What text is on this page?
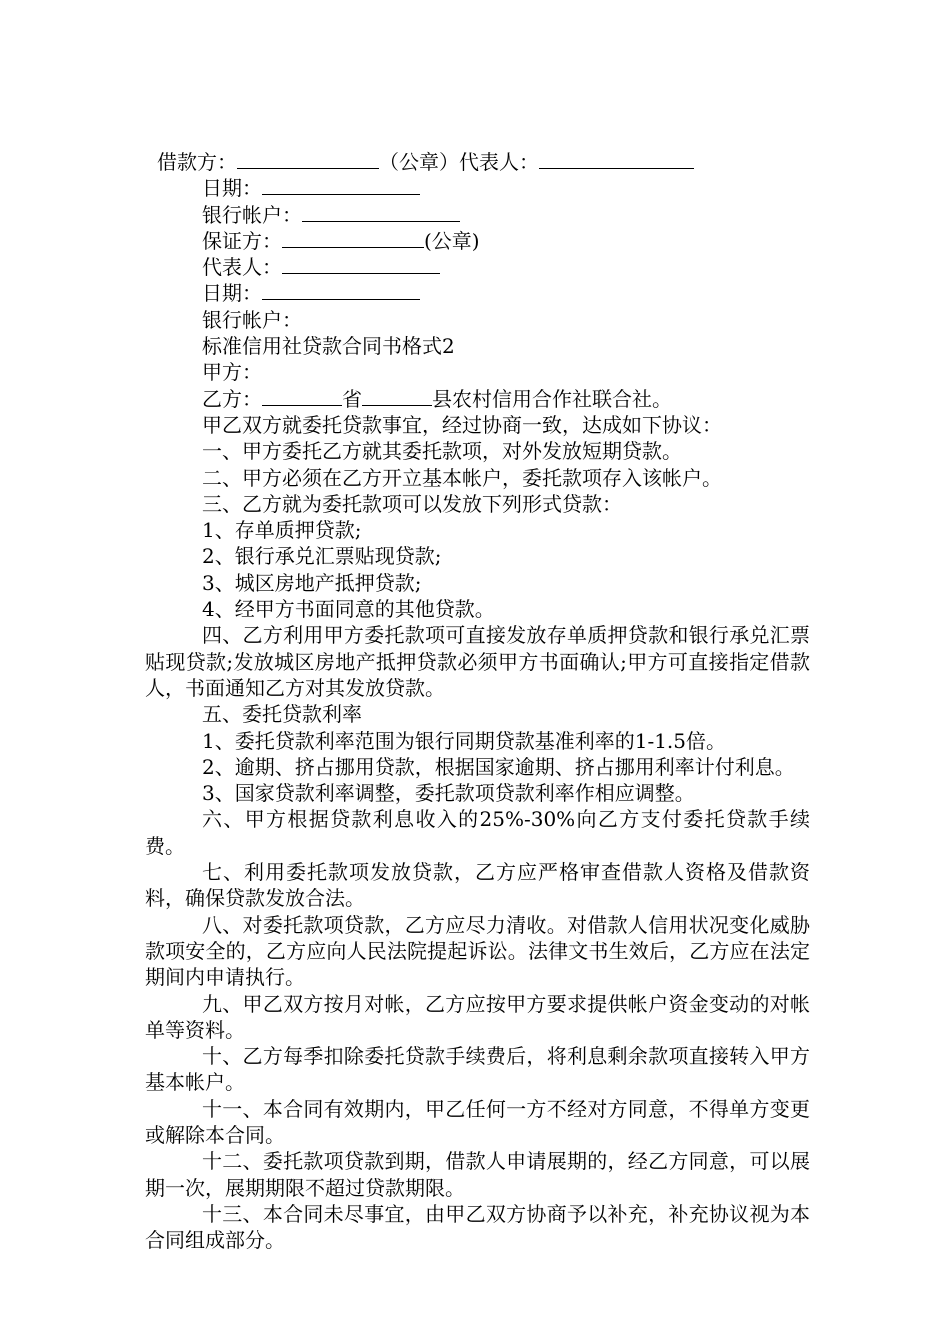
借款方：	（公章）代表人：
日期：
银行帐户：
保证方：	(公章)
代表人：
日期：
银行帐户：
标准信用社贷款合同书格式2
甲方：
乙方：	省	县农村信用合作社联合社。
甲乙双方就委托贷款事宜，经过协商一致，达成如下协议：
一、甲方委托乙方就其委托款项，对外发放短期贷款。
二、甲方必须在乙方开立基本帐户，委托款项存入该帐户。
三、乙方就为委托款项可以发放下列形式贷款：
1、存单质押贷款;
2、银行承兑汇票贴现贷款;
3、城区房地产抵押贷款;
4、经甲方书面同意的其他贷款。
四、乙方利用甲方委托款项可直接发放存单质押贷款和银行承兑汇票贴现贷款;发放城区房地产抵押贷款必须甲方书面确认;甲方可直接指定借款人，书面通知乙方对其发放贷款。
五、委托贷款利率
1、委托贷款利率范围为银行同期贷款基准利率的1-1.5倍。
2、逾期、挤占挪用贷款，根据国家逾期、挤占挪用利率计付利息。
3、国家贷款利率调整，委托款项贷款利率作相应调整。
六、甲方根据贷款利息收入的25%-30%向乙方支付委托贷款手续费。
七、利用委托款项发放贷款，乙方应严格审查借款人资格及借款资料，确保贷款发放合法。
八、对委托款项贷款，乙方应尽力清收。对借款人信用状况变化威胁款项安全的，乙方应向人民法院提起诉讼。法律文书生效后，乙方应在法定期间内申请执行。
九、甲乙双方按月对帐，乙方应按甲方要求提供帐户资金变动的对帐单等资料。
十、乙方每季扣除委托贷款手续费后，将利息剩余款项直接转入甲方基本帐户。
十一、本合同有效期内，甲乙任何一方不经对方同意，不得单方变更或解除本合同。
十二、委托款项贷款到期，借款人申请展期的，经乙方同意，可以展期一次，展期期限不超过贷款期限。
十三、本合同未尽事宜，由甲乙双方协商予以补充，补充协议视为本合同组成部分。
